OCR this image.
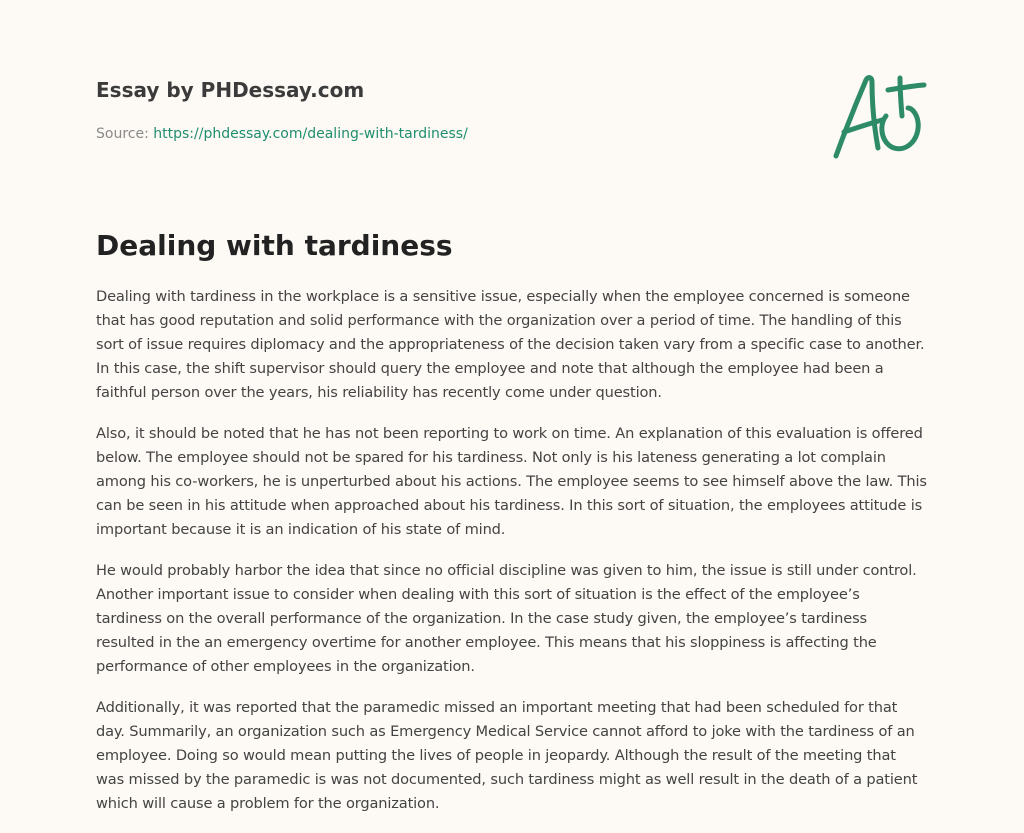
Essay by PHDessay.com

Source: https://phdessay.com/dealing-with-tardiness/
Dealing with tardiness

Dealing with tardiness in the workplace is a sensitive issue, especially when the employee concerned is someone that has good reputation and solid performance with the organization over a period of time. The handling of this sort of issue requires diplomacy and the appropriateness of the decision taken vary from a specific case to another. In this case, the shift supervisor should query the employee and note that although the employee had been a faithful person over the years, his reliability has recently come under question.

Also, it should be noted that he has not been reporting to work on time. An explanation of this evaluation is offered below. The employee should not be spared for his tardiness. Not only is his lateness generating a lot complain among his co-workers, he is unperturbed about his actions. The employee seems to see himself above the law. This can be seen in his attitude when approached about his tardiness. In this sort of situation, the employees attitude is important because it is an indication of his state of mind.

He would probably harbor the idea that since no official discipline was given to him, the issue is still under control. Another important issue to consider when dealing with this sort of situation is the effect of the employee’s tardiness on the overall performance of the organization. In the case study given, the employee’s tardiness resulted in the an emergency overtime for another employee. This means that his sloppiness is affecting the performance of other employees in the organization.

Additionally, it was reported that the paramedic missed an important meeting that had been scheduled for that day. Summarily, an organization such as Emergency Medical Service cannot afford to joke with the tardiness of an employee. Doing so would mean putting the lives of people in jeopardy. Although the result of the meeting that was missed by the paramedic is was not documented, such tardiness might as well result in the death of a patient which will cause a problem for the organization.
